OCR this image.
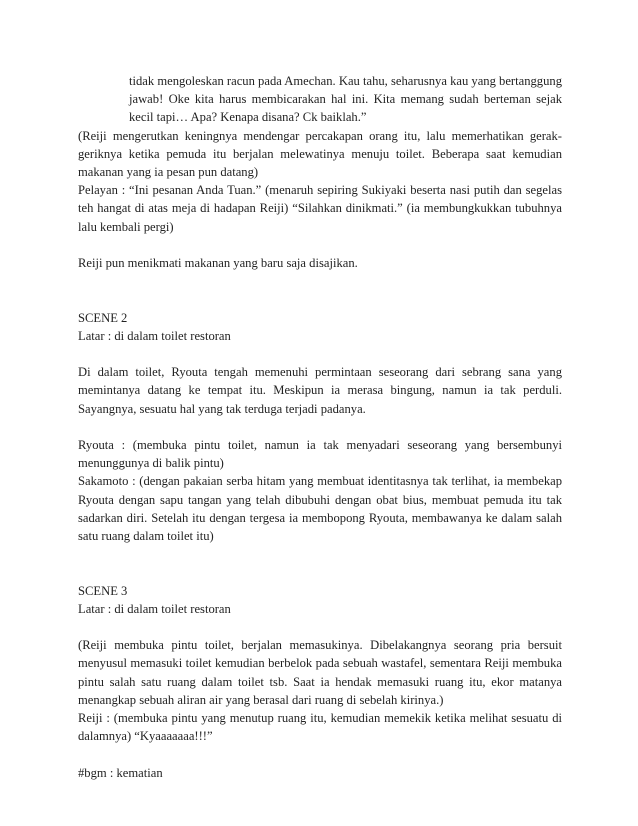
tidak mengoleskan racun pada Amechan. Kau tahu, seharusnya kau yang bertanggung jawab! Oke kita harus membicarakan hal ini. Kita memang sudah berteman sejak kecil tapi… Apa? Kenapa disana? Ck baiklah.”

(Reiji mengerutkan keningnya mendengar percakapan orang itu, lalu memerhatikan gerak-geriknya ketika pemuda itu berjalan melewatinya menuju toilet. Beberapa saat kemudian makanan yang ia pesan pun datang)

Pelayan : “Ini pesanan Anda Tuan.” (menaruh sepiring Sukiyaki beserta nasi putih dan segelas teh hangat di atas meja di hadapan Reiji) “Silahkan dinikmati.” (ia membungkukkan tubuhnya lalu kembali pergi)

Reiji pun menikmati makanan yang baru saja disajikan.

SCENE 2

Latar : di dalam toilet restoran

Di dalam toilet, Ryouta tengah memenuhi permintaan seseorang dari sebrang sana yang memintanya datang ke tempat itu. Meskipun ia merasa bingung, namun ia tak perduli. Sayangnya, sesuatu hal yang tak terduga terjadi padanya.

Ryouta : (membuka pintu toilet, namun ia tak menyadari seseorang yang bersembunyi menunggunya di balik pintu)

Sakamoto : (dengan pakaian serba hitam yang membuat identitasnya tak terlihat, ia membekap Ryouta dengan sapu tangan yang telah dibubuhi dengan obat bius, membuat pemuda itu tak sadarkan diri. Setelah itu dengan tergesa ia membopong Ryouta, membawanya ke dalam salah satu ruang dalam toilet itu)

SCENE 3

Latar : di dalam toilet restoran

(Reiji membuka pintu toilet, berjalan memasukinya. Dibelakangnya seorang pria bersuit menyusul memasuki toilet kemudian berbelok pada sebuah wastafel, sementara Reiji membuka pintu salah satu ruang dalam toilet tsb. Saat ia hendak memasuki ruang itu, ekor matanya menangkap sebuah aliran air yang berasal dari ruang di sebelah kirinya.)

Reiji : (membuka pintu yang menutup ruang itu, kemudian memekik ketika melihat sesuatu di dalamnya) “Kyaaaaaaa!!!”

#bgm : kematian
